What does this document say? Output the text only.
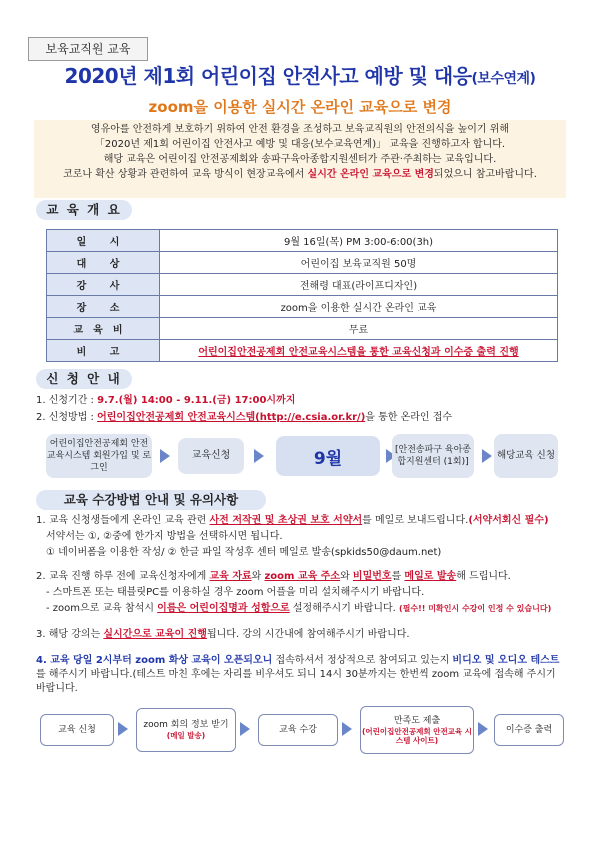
보육교직원 교육
2020년 제1회 어린이집 안전사고 예방 및 대응(보수연계)
zoom을 이용한 실시간 온라인 교육으로 변경

영유아를 안전하게 보호하기 위하여 안전 환경을 조성하고 보육교직원의 안전의식을 높이기 위해

「2020년 제1회 어린이집 안전사고 예방 및 대응(보수교육연계)」 교육을 진행하고자 합니다.

해당 교육은 어린이집 안전공제회와 송파구육아종합지원센터가 주관·주최하는 교육입니다.

코로나 확산 상황과 관련하여 교육 방식이 현장교육에서 실시간 온라인 교육으로 변경되었으니 참고바랍니다.

교 육 개 요
일 시	9월 16일(목) PM 3:00-6:00(3h)
대 상	어린이집 보육교직원 50명
강 사	전해령 대표(라이프디자인)
장 소	zoom을 이용한 실시간 온라인 교육
교육비	무료
비 고	어린이집안전공제회 안전교육시스템을 통한 교육신청과 이수증 출력 진행
신 청 안 내
1. 신청기간 : 9.7.(월) 14:00 - 9.11.(금) 17:00시까지
2. 신청방법 : 어린이집안전공제회 안전교육시스템(http://e.csia.or.kr/)을 통한 온라인 접수
어린이집안전공제회 안전교육시스템 회원가입 및 로그인
교육신청	9월	[안전송파구 육아종합지원센터 (1회)]
해당교육 신청
교육 수강방법 안내 및 유의사항
1. 교육 신청생들에게 온라인 교육 관련 사전 저작권 및 초상권 보호 서약서를 메일로 보내드립니다.(서약서회신 필수)
서약서는 ①, ②중에 한가지 방법을 선택하시면 됩니다.
① 네이버폼을 이용한 작성/ ② 한글 파일 작성후 센터 메일로 발송(spkids50@daum.net)
2. 교육 진행 하루 전에 교육신청자에게 교육 자료와 zoom 교육 주소와 비밀번호를 메일로 발송해 드립니다.
- 스마트폰 또는 태블릿PC를 이용하실 경우 zoom 어플을 미리 설치해주시기 바랍니다.
- zoom으로 교육 참석시 이름은 어린이집명과 성함으로 설정해주시기 바랍니다. (필수!! 미확인시 수강이 인정 수 있습니다)
3. 해당 강의는 실시간으로 교육이 진행됩니다. 강의 시간내에 참여해주시기 바랍니다.
4. 교육 당일 2시부터 zoom 화상 교육이 오픈되오니 접속하셔서 정상적으로 참여되고 있는지 비디오 및 오디오 테스트를 해주시기 바랍니다.(테스트 마친 후에는 자리를 비우셔도 되니 14시 30분까지는 한번씩 zoom 교육에 접속해 주시기 바랍니다.
교육 신청	zoom 회의 정보 받기
(메일 발송)
교육 수강
만족도 제출
(어린이집안전공제회 안전교육 시스템 사이트)
이수증 출력
